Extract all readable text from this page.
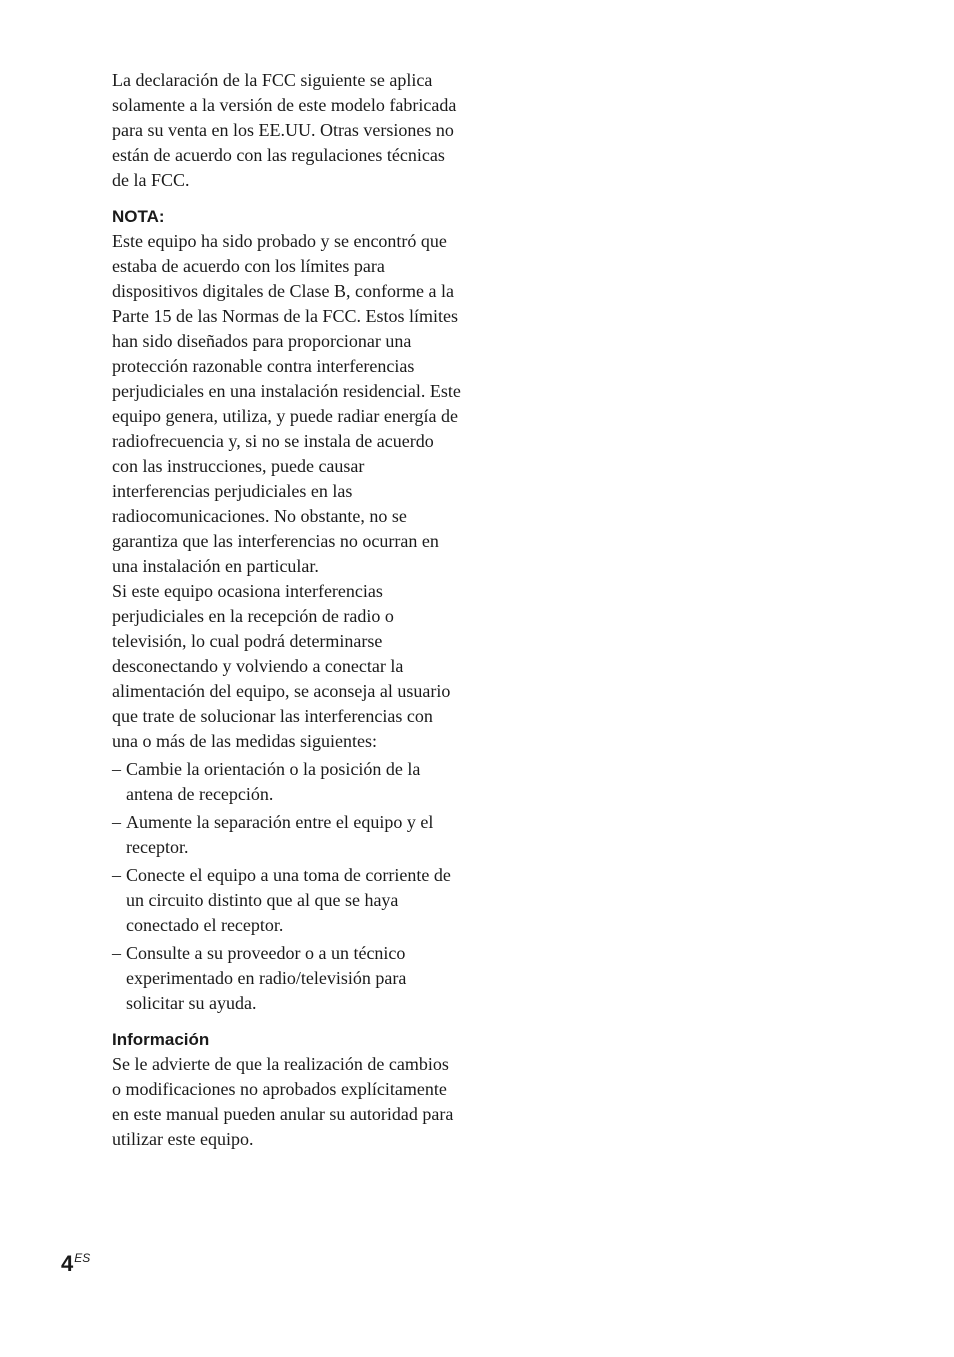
La declaración de la FCC siguiente se aplica solamente a la versión de este modelo fabricada para su venta en los EE.UU. Otras versiones no están de acuerdo con las regulaciones técnicas de la FCC.

NOTA:

Este equipo ha sido probado y se encontró que estaba de acuerdo con los límites para dispositivos digitales de Clase B, conforme a la Parte 15 de las Normas de la FCC. Estos límites han sido diseñados para proporcionar una protección razonable contra interferencias perjudiciales en una instalación residencial. Este equipo genera, utiliza, y puede radiar energía de radiofrecuencia y, si no se instala de acuerdo con las instrucciones, puede causar interferencias perjudiciales en las radiocomunicaciones. No obstante, no se garantiza que las interferencias no ocurran en una instalación en particular.

Si este equipo ocasiona interferencias perjudiciales en la recepción de radio o televisión, lo cual podrá determinarse desconectando y volviendo a conectar la alimentación del equipo, se aconseja al usuario que trate de solucionar las interferencias con una o más de las medidas siguientes:

– Cambie la orientación o la posición de la antena de recepción.
– Aumente la separación entre el equipo y el receptor.
– Conecte el equipo a una toma de corriente de un circuito distinto que al que se haya conectado el receptor.
– Consulte a su proveedor o a un técnico experimentado en radio/televisión para solicitar su ayuda.
Información

Se le advierte de que la realización de cambios o modificaciones no aprobados explícitamente en este manual pueden anular su autoridad para utilizar este equipo.

$4^{ES}$
